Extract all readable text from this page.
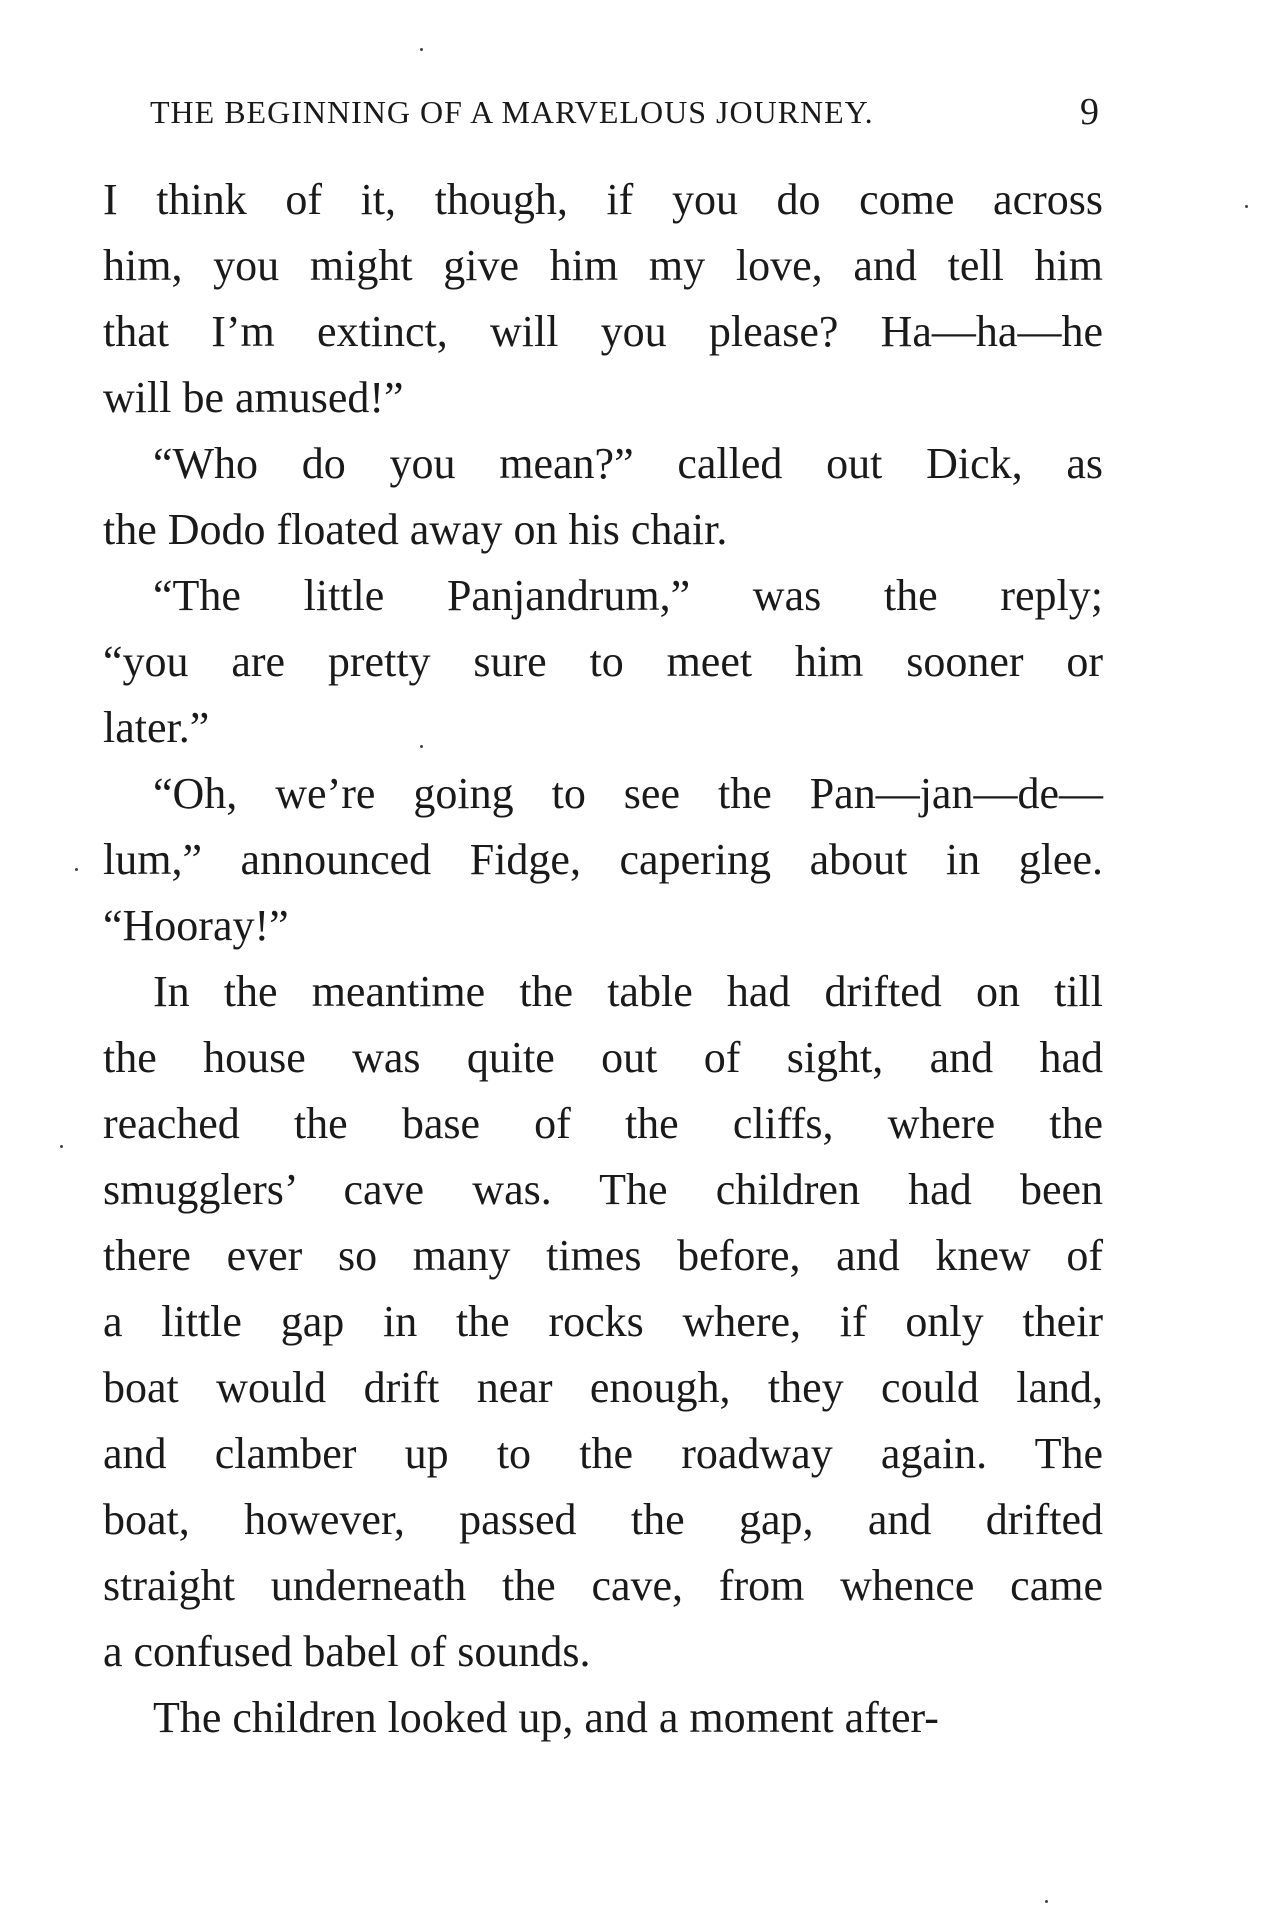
THE BEGINNING OF A MARVELOUS JOURNEY.	9
I think of it, though, if you do come across
him, you might give him my love, and tell him
that I’m extinct, will you please? Ha—ha—he
will be amused!”
“Who do you mean?” called out Dick, as
the Dodo floated away on his chair.
“The little Panjandrum,” was the reply;
“you are pretty sure to meet him sooner or
later.”
“Oh, we’re going to see the Pan—jan—de—
lum,” announced Fidge, capering about in glee.
“Hooray!”
In the meantime the table had drifted on till
the house was quite out of sight, and had
reached the base of the cliffs, where the
smugglers’ cave was. The children had been
there ever so many times before, and knew of
a little gap in the rocks where, if only their
boat would drift near enough, they could land,
and clamber up to the roadway again. The
boat, however, passed the gap, and drifted
straight underneath the cave, from whence came
a confused babel of sounds.
The children looked up, and a moment after-
